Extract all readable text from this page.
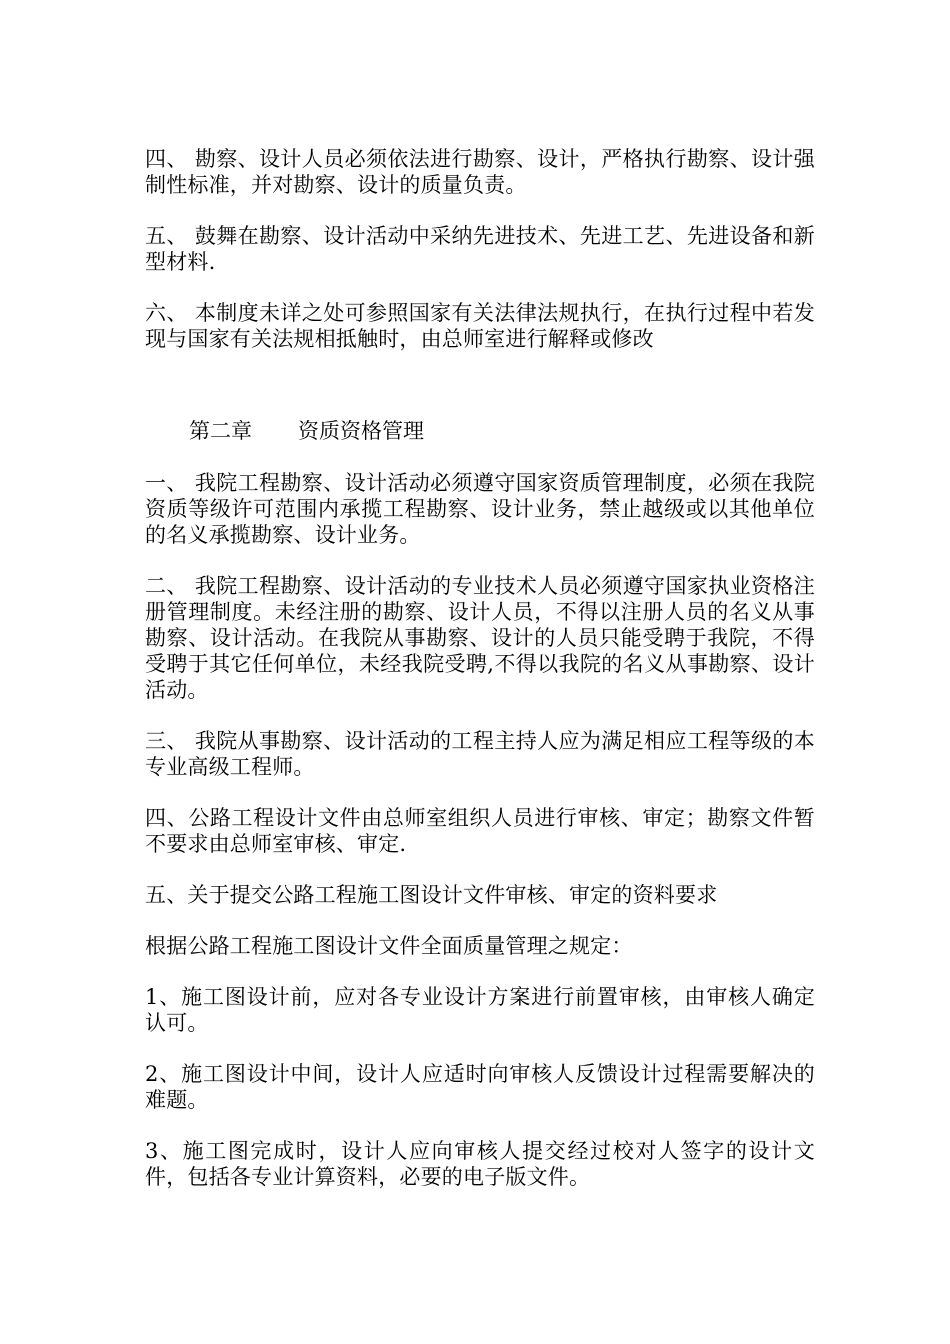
四、 勘察、设计人员必须依法进行勘察、设计，严格执行勘察、设计强制性标准，并对勘察、设计的质量负责。

五、 鼓舞在勘察、设计活动中采纳先进技术、先进工艺、先进设备和新型材料.

六、 本制度未详之处可参照国家有关法律法规执行，在执行过程中若发现与国家有关法规相抵触时，由总师室进行解释或修改

第二章 资质资格管理

一、 我院工程勘察、设计活动必须遵守国家资质管理制度，必须在我院资质等级许可范围内承揽工程勘察、设计业务，禁止越级或以其他单位的名义承揽勘察、设计业务。

二、 我院工程勘察、设计活动的专业技术人员必须遵守国家执业资格注册管理制度。未经注册的勘察、设计人员，不得以注册人员的名义从事勘察、设计活动。在我院从事勘察、设计的人员只能受聘于我院，不得受聘于其它任何单位，未经我院受聘,不得以我院的名义从事勘察、设计活动。

三、 我院从事勘察、设计活动的工程主持人应为满足相应工程等级的本专业高级工程师。

四、公路工程设计文件由总师室组织人员进行审核、审定；勘察文件暂不要求由总师室审核、审定.

五、关于提交公路工程施工图设计文件审核、审定的资料要求

根据公路工程施工图设计文件全面质量管理之规定：

1、施工图设计前，应对各专业设计方案进行前置审核，由审核人确定认可。

2、施工图设计中间，设计人应适时向审核人反馈设计过程需要解决的难题。

3、施工图完成时，设计人应向审核人提交经过校对人签字的设计文件，包括各专业计算资料，必要的电子版文件。
